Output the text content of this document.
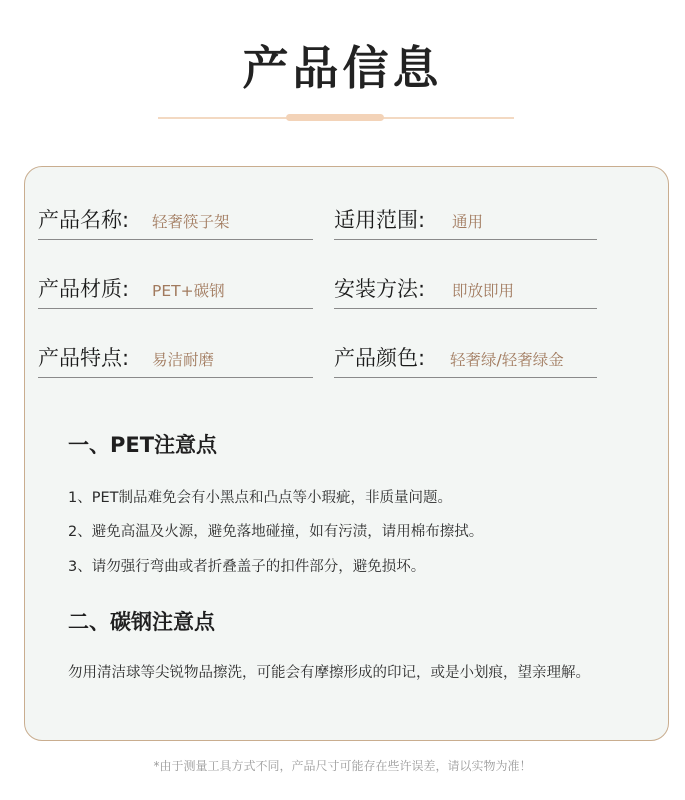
产品信息
产品名称: 轻奢筷子架
产品材质: PET+碳钢
产品特点: 易洁耐磨
适用范围: 通用
安装方法: 即放即用
产品颜色: 轻奢绿/轻奢绿金
一、PET注意点
1、PET制品难免会有小黑点和凸点等小瑕疵，非质量问题。
2、避免高温及火源，避免落地碰撞，如有污渍，请用棉布擦拭。
3、请勿强行弯曲或者折叠盖子的扣件部分，避免损坏。
二、碳钢注意点
勿用清洁球等尖锐物品擦洗，可能会有摩擦形成的印记，或是小划痕，望亲理解。
*由于测量工具方式不同，产品尺寸可能存在些许误差，请以实物为准！
